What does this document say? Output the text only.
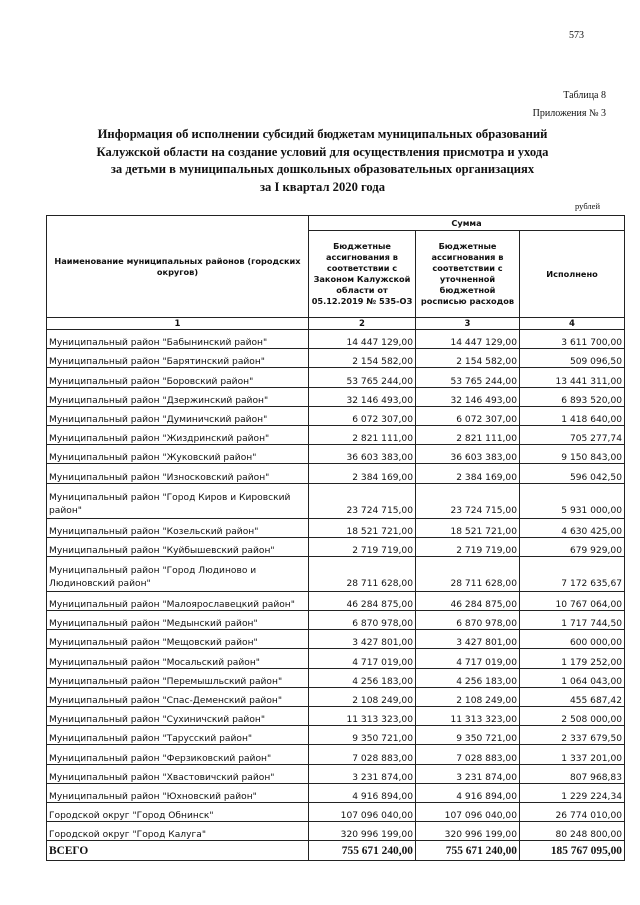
573
Таблица 8
Приложения № 3
Информация об исполнении субсидий бюджетам муниципальных образований
Калужской области на создание условий для осуществления присмотра и ухода
за детьми в муниципальных дошкольных образовательных организациях
за I квартал 2020 года
рублей
Наименование муниципальных районов (городских округов)	Сумма		
	Бюджетные ассигнования в соответствии с Законом Калужской области от 05.12.2019 № 535-ОЗ	Бюджетные ассигнования в соответствии с уточненной бюджетной росписью расходов	Исполнено
1	2	3	4
Муниципальный район "Бабынинский район"	14 447 129,00	14 447 129,00	3 611 700,00
Муниципальный район "Барятинский район"	2 154 582,00	2 154 582,00	509 096,50
Муниципальный район "Боровский район"	53 765 244,00	53 765 244,00	13 441 311,00
Муниципальный район "Дзержинский район"	32 146 493,00	32 146 493,00	6 893 520,00
Муниципальный район "Думиничский район"	6 072 307,00	6 072 307,00	1 418 640,00
Муниципальный район "Жиздринский район"	2 821 111,00	2 821 111,00	705 277,74
Муниципальный район "Жуковский район"	36 603 383,00	36 603 383,00	9 150 843,00
Муниципальный район "Износковский район"	2 384 169,00	2 384 169,00	596 042,50
Муниципальный район "Город Киров и Кировский район"	23 724 715,00	23 724 715,00	5 931 000,00
Муниципальный район "Козельский район"	18 521 721,00	18 521 721,00	4 630 425,00
Муниципальный район "Куйбышевский район"	2 719 719,00	2 719 719,00	679 929,00
Муниципальный район "Город Людиново и Людиновский район"	28 711 628,00	28 711 628,00	7 172 635,67
Муниципальный район "Малоярославецкий район"	46 284 875,00	46 284 875,00	10 767 064,00
Муниципальный район "Медынский район"	6 870 978,00	6 870 978,00	1 717 744,50
Муниципальный район "Мещовский район"	3 427 801,00	3 427 801,00	600 000,00
Муниципальный район "Мосальский район"	4 717 019,00	4 717 019,00	1 179 252,00
Муниципальный район "Перемышльский район"	4 256 183,00	4 256 183,00	1 064 043,00
Муниципальный район "Спас-Деменский район"	2 108 249,00	2 108 249,00	455 687,42
Муниципальный район "Сухиничский район"	11 313 323,00	11 313 323,00	2 508 000,00
Муниципальный район "Тарусский район"	9 350 721,00	9 350 721,00	2 337 679,50
Муниципальный район "Ферзиковский район"	7 028 883,00	7 028 883,00	1 337 201,00
Муниципальный район "Хвастовичский район"	3 231 874,00	3 231 874,00	807 968,83
Муниципальный район "Юхновский район"	4 916 894,00	4 916 894,00	1 229 224,34
Городской округ "Город Обнинск"	107 096 040,00	107 096 040,00	26 774 010,00
Городской округ "Город Калуга"	320 996 199,00	320 996 199,00	80 248 800,00
ВСЕГО	755 671 240,00	755 671 240,00	185 767 095,00
